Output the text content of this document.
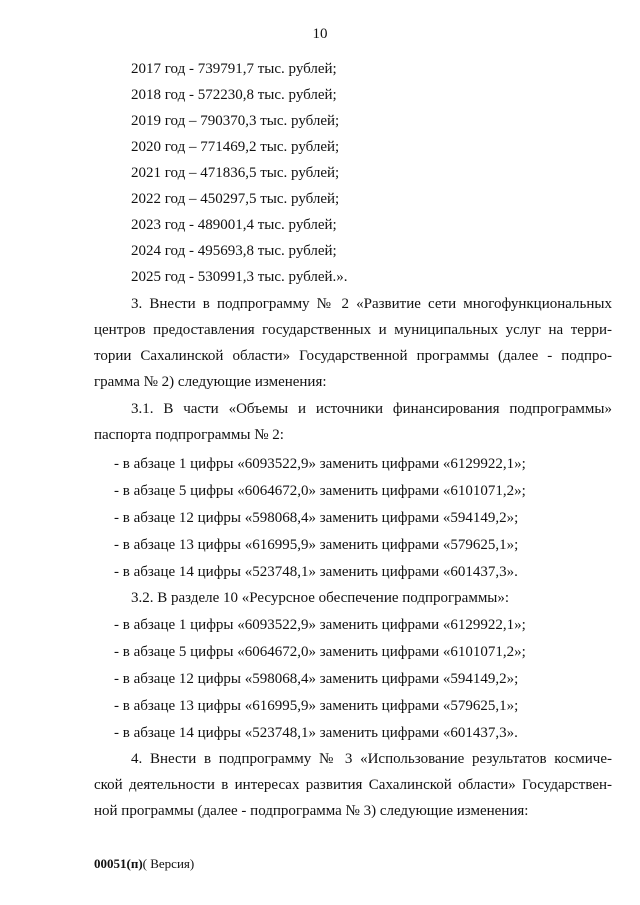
10
2017 год - 739791,7 тыс. рублей;
2018 год - 572230,8 тыс. рублей;
2019 год – 790370,3 тыс. рублей;
2020 год – 771469,2 тыс. рублей;
2021 год – 471836,5 тыс. рублей;
2022 год – 450297,5 тыс. рублей;
2023 год - 489001,4 тыс. рублей;
2024 год - 495693,8 тыс. рублей;
2025 год - 530991,3 тыс. рублей.».
3. Внести в подпрограмму № 2 «Развитие сети многофункциональных
центров предоставления государственных и муниципальных услуг на терри-
тории Сахалинской области» Государственной программы (далее - подпро-
грамма № 2) следующие изменения:
3.1. В части «Объемы и источники финансирования подпрограммы»
паспорта подпрограммы № 2:
- в абзаце 1 цифры «6093522,9» заменить цифрами «6129922,1»;
- в абзаце 5 цифры «6064672,0» заменить цифрами «6101071,2»;
- в абзаце 12 цифры «598068,4» заменить цифрами «594149,2»;
- в абзаце 13 цифры «616995,9» заменить цифрами «579625,1»;
- в абзаце 14 цифры «523748,1» заменить цифрами «601437,3».
3.2. В разделе 10 «Ресурсное обеспечение подпрограммы»:
- в абзаце 1 цифры «6093522,9» заменить цифрами «6129922,1»;
- в абзаце 5 цифры «6064672,0» заменить цифрами «6101071,2»;
- в абзаце 12 цифры «598068,4» заменить цифрами «594149,2»;
- в абзаце 13 цифры «616995,9» заменить цифрами «579625,1»;
- в абзаце 14 цифры «523748,1» заменить цифрами «601437,3».
4. Внести в подпрограмму № 3 «Использование результатов космиче-
ской деятельности в интересах развития Сахалинской области» Государствен-
ной программы (далее - подпрограмма № 3) следующие изменения:
00051(п)( Версия)
